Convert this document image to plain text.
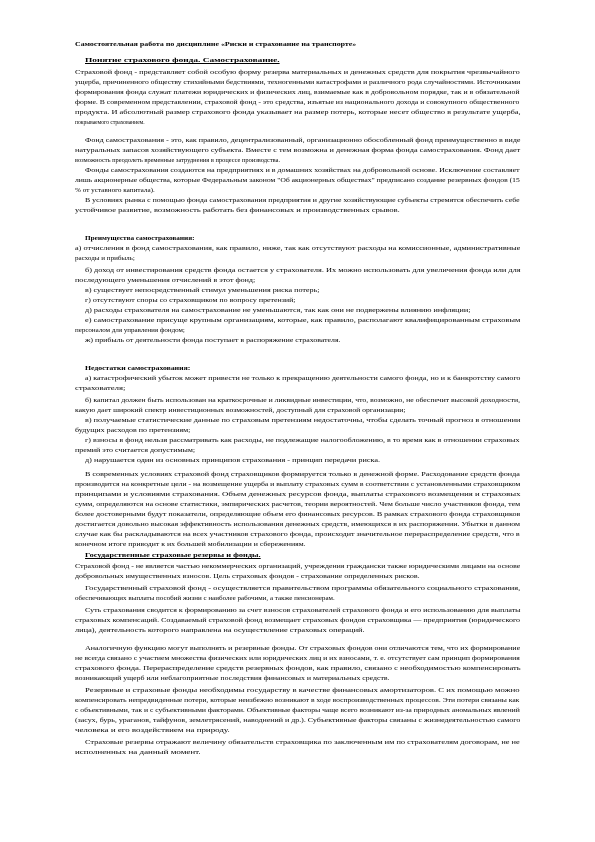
Самостоятельная работа по дисциплине «Риски и страхование на транспорте»
Понятие страхового фонда. Самострахование.
Страховой фонд - представляет собой особую форму резерва материальных и денежных средств для покрытия чрезвычайного
ущерба, причиненного обществу стихийными бедствиями, техногенными катастрофами и различного рода случайностями. Источниками
формирования фонда служат платежи юридических и физических лиц, взимаемые как в добровольном порядке, так и в обязательной
форме. В современном представлении, страховой фонд - это средства, изъятые из национального дохода и совокупного общественного
продукта. И абсолютный размер страхового фонда указывает на размер потерь, которые несет общество в результате ущерба,
покрываемого страхованием.
Фонд самострахования - это, как правило, децентрализованный, организационно обособленный фонд преимущественно в виде
натуральных запасов хозяйствующего субъекта. Вместе с тем возможна и денежная форма фонда самострахования. Фонд дает
возможность преодолеть временные затруднения в процессе производства.
Фонды самострахования создаются на предприятиях и в домашних хозяйствах на добровольной основе. Исключение составляет
лишь акционерные общества, которые Федеральным законом "Об акционерных обществах" предписано создание резервных фондов (15
% от уставного капитала).
В условиях рынка с помощью фонда самострахования предприятия и другие хозяйствующие субъекты стремятся обеспечить себе
устойчивое развитие, возможность работать без финансовых и производственных срывов.
Преимущества самострахования:
а) отчисления в фонд самострахования, как правило, ниже, так как отсутствуют расходы на комиссионные, административные
расходы и прибыль;
б) доход от инвестирования средств фонда остается у страхователя. Их можно использовать для увеличения фонда или для
последующего уменьшения отчислений в этот фонд;
в) существует непосредственный стимул уменьшения риска потерь;
г) отсутствуют споры со страховщиком по вопросу претензий;
д) расходы страхователя на самострахование не уменьшаются, так как они не подвержены влиянию инфляции;
е) самострахование присуще крупным организациям, которые, как правило, располагают квалифицированным страховым
персоналом для управления фондом;
ж) прибыль от деятельности фонда поступает в распоряжение страхователя.
Недостатки самострахования:
а) катастрофический убыток может привести не только к прекращению деятельности самого фонда, но и к банкротству самого
страхователя;
б) капитал должен быть использован на краткосрочные и ликвидные инвестиции, что, возможно, не обеспечит высокой доходности,
какую дает широкий спектр инвестиционных возможностей, доступный для страховой организации;
в) получаемые статистические данные по страховым претензиям недостаточны, чтобы сделать точный прогноз в отношении
будущих расходов по претензиям;
г) взносы в фонд нельзя рассматривать как расходы, не подлежащие налогообложению, в то время как в отношении страховых
премий это считается допустимым;
д) нарушается один из основных принципов страхования - принцип передачи риска.
В современных условиях страховой фонд страховщиков формируется только в денежной форме. Расходование средств фонда
производится на конкретные цели - на возмещение ущерба и выплату страховых сумм в соответствии с установленными страховщиком
принципами и условиями страхования. Объем денежных ресурсов фонда, выплаты страхового возмещения и страховых
сумм, определяются на основе статистики, эмпирических расчетов, теории вероятностей. Чем больше число участников фонда, тем
более достоверными будут показатели, определяющие объем его финансовых ресурсов. В рамках страхового фонда страховщиков
достигается довольно высокая эффективность использования денежных средств, имеющихся в их распоряжении. Убытки в данном
случае как бы раскладываются на всех участников страхового фонда, происходит значительное перераспределение средств, что в
конечном итоге приводит к их большей мобилизации и сбережениям.
Государственные страховые резервы и фонды.
Страховой фонд - не является частью некоммерческих организаций, учреждения граждански также юридическими лицами на основе
добровольных имущественных взносов. Цель страховых фондов - страхование определенных рисков.
Государственный страховой фонд - осуществляется правительством программы обязательного социального страхования,
обеспечивающих выплаты пособий жизни с наиболее рабочими, а также пенсионерам.
Суть страхования сводится к формированию за счет взносов страхователей страхового фонда и его использованию для выплаты
страховых компенсаций. Создаваемый страховой фонд возмещает страховых фондов страховщика — предприятия (юридического
лица), деятельность которого направлена на осуществление страховых операций.
Аналогичную функцию могут выполнять и резервные фонды. От страховых фондов они отличаются тем, что их формирование
не всегда связано с участием множества физических или юридических лиц и их взносами, т. е. отсутствует сам принцип формирования
страхового фонда. Перераспределение средств резервных фондов, как правило, связано с необходимостью компенсировать
возникающий ущерб или неблагоприятные последствия финансовых и материальных средств.
Резервные и страховые фонды необходимы государству в качестве финансовых амортизаторов. С их помощью можно
компенсировать непредвиденные потери, которые неизбежно возникают в ходе воспроизводственных процессов. Эти потери связаны как
с объективными, так и с субъективными факторами. Объективные факторы чаще всего возникают из-за природных аномальных явлений
(засух, бурь, ураганов, тайфунов, землетрясений, наводнений и др.). Субъективные факторы связаны с жизнедеятельностью самого
человека и его воздействием на природу.
Страховые резервы отражают величину обязательств страховщика по заключенным им по страхователям договорам, не не
исполненных на данный момент.
